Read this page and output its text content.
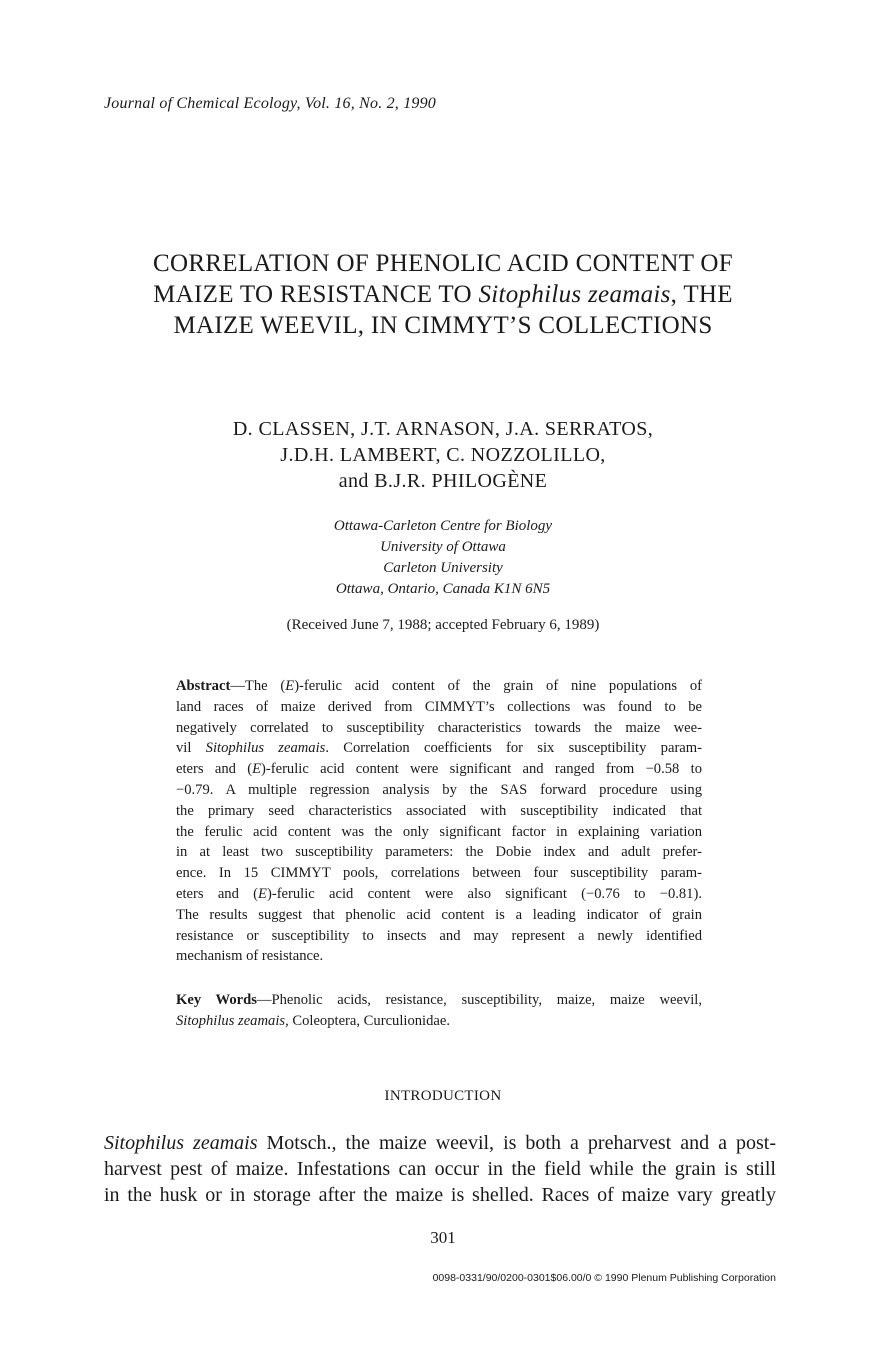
Journal of Chemical Ecology, Vol. 16, No. 2, 1990
CORRELATION OF PHENOLIC ACID CONTENT OF
MAIZE TO RESISTANCE TO Sitophilus zeamais, THE
MAIZE WEEVIL, IN CIMMYT’S COLLECTIONS
D. CLASSEN, J.T. ARNASON, J.A. SERRATOS,
J.D.H. LAMBERT, C. NOZZOLILLO,
and B.J.R. PHILOGÈNE
Ottawa-Carleton Centre for Biology
University of Ottawa
Carleton University
Ottawa, Ontario, Canada K1N 6N5
(Received June 7, 1988; accepted February 6, 1989)
Abstract—The (E)-ferulic acid content of the grain of nine populations of
land races of maize derived from CIMMYT’s collections was found to be
negatively correlated to susceptibility characteristics towards the maize wee-
vil Sitophilus zeamais. Correlation coefficients for six susceptibility param-
eters and (E)-ferulic acid content were significant and ranged from −0.58 to
−0.79. A multiple regression analysis by the SAS forward procedure using
the primary seed characteristics associated with susceptibility indicated that
the ferulic acid content was the only significant factor in explaining variation
in at least two susceptibility parameters: the Dobie index and adult prefer-
ence. In 15 CIMMYT pools, correlations between four susceptibility param-
eters and (E)-ferulic acid content were also significant (−0.76 to −0.81).
The results suggest that phenolic acid content is a leading indicator of grain
resistance or susceptibility to insects and may represent a newly identified
mechanism of resistance.
Key Words—Phenolic acids, resistance, susceptibility, maize, maize weevil,
Sitophilus zeamais, Coleoptera, Curculionidae.
INTRODUCTION
Sitophilus zeamais Motsch., the maize weevil, is both a preharvest and a post-
harvest pest of maize. Infestations can occur in the field while the grain is still
in the husk or in storage after the maize is shelled. Races of maize vary greatly
301
0098-0331/90/0200-0301$06.00/0 © 1990 Plenum Publishing Corporation
